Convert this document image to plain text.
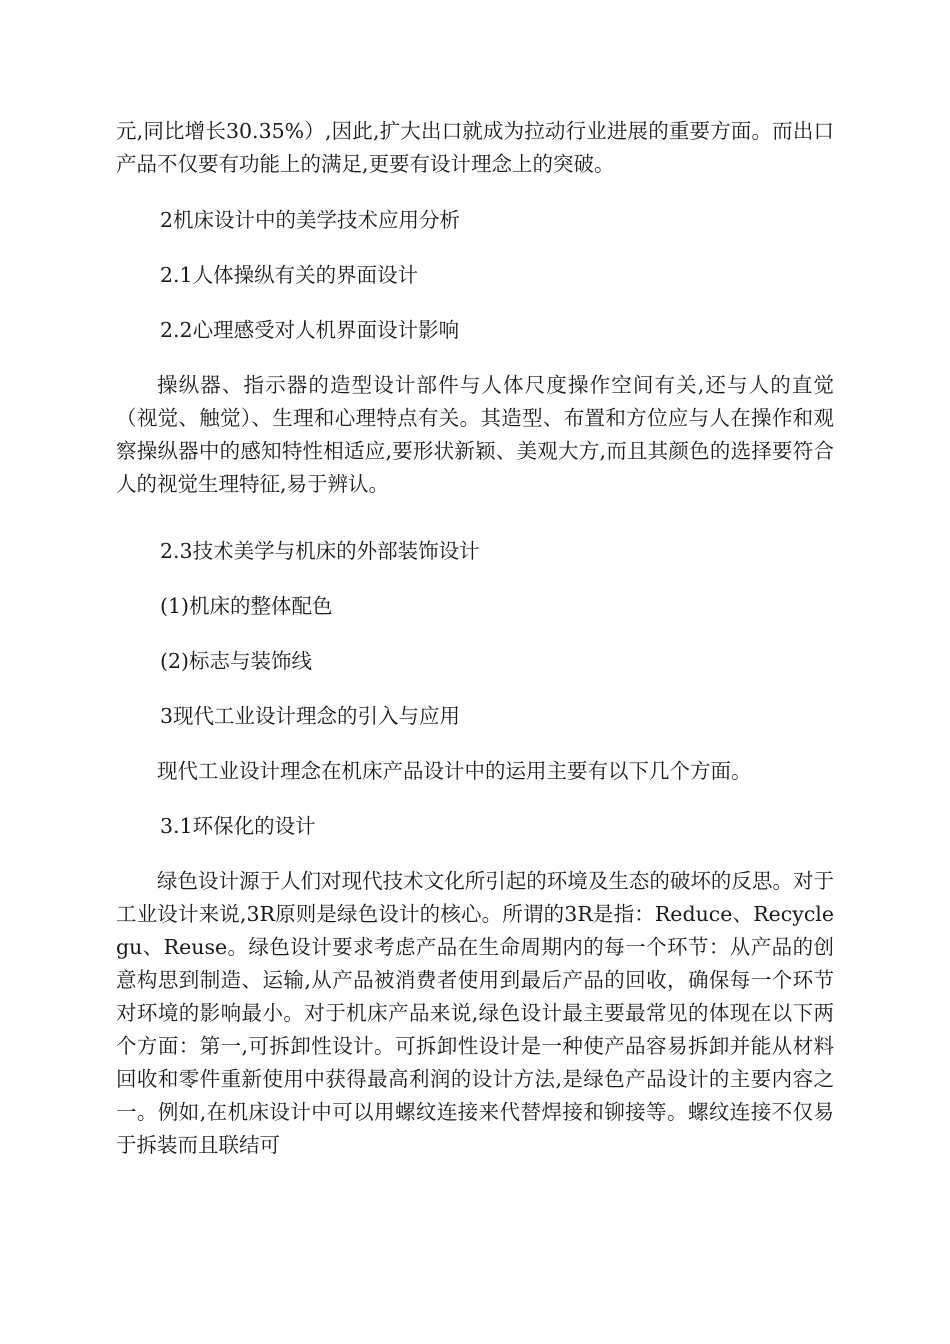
元,同比增长30.35%）,因此,扩大出口就成为拉动行业进展的重要方面。而出口产品不仅要有功能上的满足,更要有设计理念上的突破。

2机床设计中的美学技术应用分析

2.1人体操纵有关的界面设计

2.2心理感受对人机界面设计影响

操纵器、指示器的造型设计部件与人体尺度操作空间有关,还与人的直觉（视觉、触觉）、生理和心理特点有关。其造型、布置和方位应与人在操作和观察操纵器中的感知特性相适应,要形状新颖、美观大方,而且其颜色的选择要符合人的视觉生理特征,易于辨认。

2.3技术美学与机床的外部装饰设计

(1)机床的整体配色

(2)标志与装饰线

3现代工业设计理念的引入与应用

现代工业设计理念在机床产品设计中的运用主要有以下几个方面。

3.1环保化的设计

绿色设计源于人们对现代技术文化所引起的环境及生态的破坏的反思。对于工业设计来说,3R原则是绿色设计的核心。所谓的3R是指：Reduce、Recyclegu、Reuse。绿色设计要求考虑产品在生命周期内的每一个环节：从产品的创意构思到制造、运输,从产品被消费者使用到最后产品的回收，确保每一个环节对环境的影响最小。对于机床产品来说,绿色设计最主要最常见的体现在以下两个方面：第一,可拆卸性设计。可拆卸性设计是一种使产品容易拆卸并能从材料回收和零件重新使用中获得最高利润的设计方法,是绿色产品设计的主要内容之一。例如,在机床设计中可以用螺纹连接来代替焊接和铆接等。螺纹连接不仅易于拆装而且联结可
